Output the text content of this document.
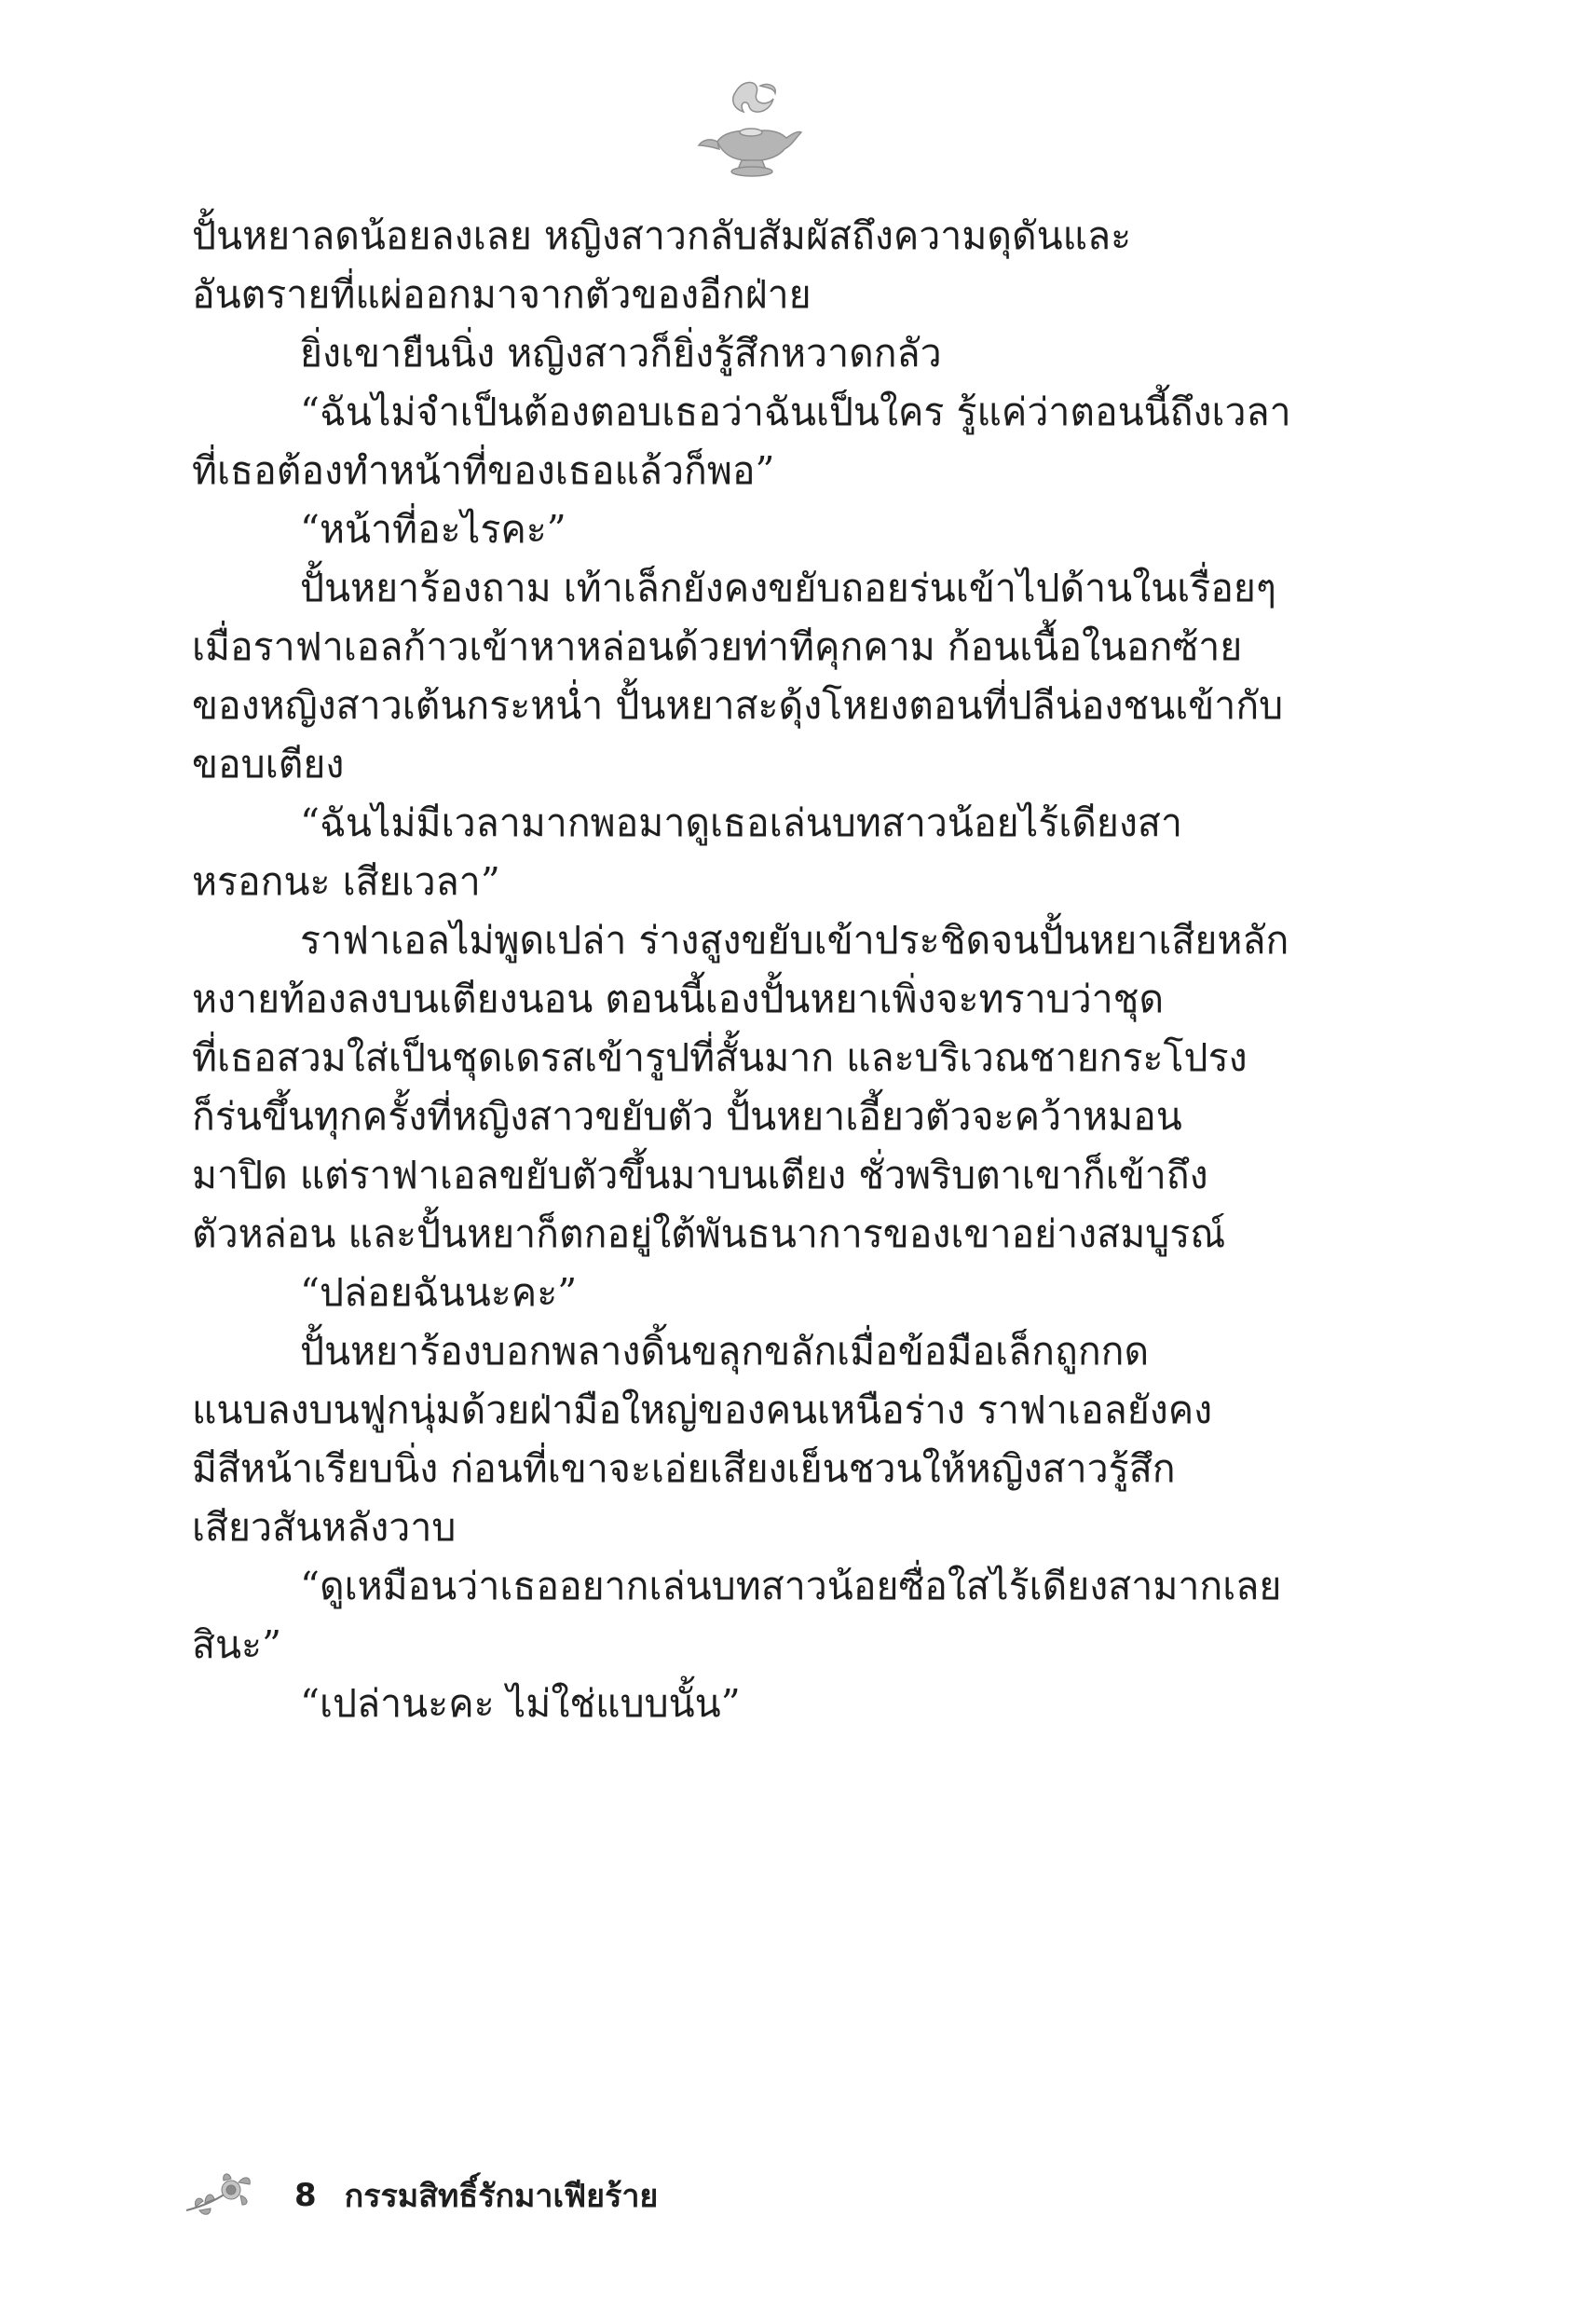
ปั้นหยาลดน้อยลงเลย หญิงสาวกลับสัมผัสถึงความดุดันและ
อันตรายที่แผ่ออกมาจากตัวของอีกฝ่าย
ยิ่งเขายืนนิ่ง หญิงสาวก็ยิ่งรู้สึกหวาดกลัว
“ฉันไม่จำเป็นต้องตอบเธอว่าฉันเป็นใคร รู้แค่ว่าตอนนี้ถึงเวลา
ที่เธอต้องทำหน้าที่ของเธอแล้วก็พอ”
“หน้าที่อะไรคะ”
ปั้นหยาร้องถาม เท้าเล็กยังคงขยับถอยร่นเข้าไปด้านในเรื่อยๆ
เมื่อราฟาเอลก้าวเข้าหาหล่อนด้วยท่าทีคุกคาม ก้อนเนื้อในอกซ้าย
ของหญิงสาวเต้นกระหน่ำ ปั้นหยาสะดุ้งโหยงตอนที่ปลีน่องชนเข้ากับ
ขอบเตียง
“ฉันไม่มีเวลามากพอมาดูเธอเล่นบทสาวน้อยไร้เดียงสา
หรอกนะ เสียเวลา”
ราฟาเอลไม่พูดเปล่า ร่างสูงขยับเข้าประชิดจนปั้นหยาเสียหลัก
หงายท้องลงบนเตียงนอน ตอนนี้เองปั้นหยาเพิ่งจะทราบว่าชุด
ที่เธอสวมใส่เป็นชุดเดรสเข้ารูปที่สั้นมาก และบริเวณชายกระโปรง
ก็ร่นขึ้นทุกครั้งที่หญิงสาวขยับตัว ปั้นหยาเอี้ยวตัวจะคว้าหมอน
มาปิด แต่ราฟาเอลขยับตัวขึ้นมาบนเตียง ชั่วพริบตาเขาก็เข้าถึง
ตัวหล่อน และปั้นหยาก็ตกอยู่ใต้พันธนาการของเขาอย่างสมบูรณ์
“ปล่อยฉันนะคะ”
ปั้นหยาร้องบอกพลางดิ้นขลุกขลักเมื่อข้อมือเล็กถูกกด
แนบลงบนฟูกนุ่มด้วยฝ่ามือใหญ่ของคนเหนือร่าง ราฟาเอลยังคง
มีสีหน้าเรียบนิ่ง ก่อนที่เขาจะเอ่ยเสียงเย็นชวนให้หญิงสาวรู้สึก
เสียวสันหลังวาบ
“ดูเหมือนว่าเธออยากเล่นบทสาวน้อยซื่อใสไร้เดียงสามากเลย
สินะ”
“เปล่านะคะ ไม่ใช่แบบนั้น”
8 กรรมสิทธิ์รักมาเฟียร้าย
